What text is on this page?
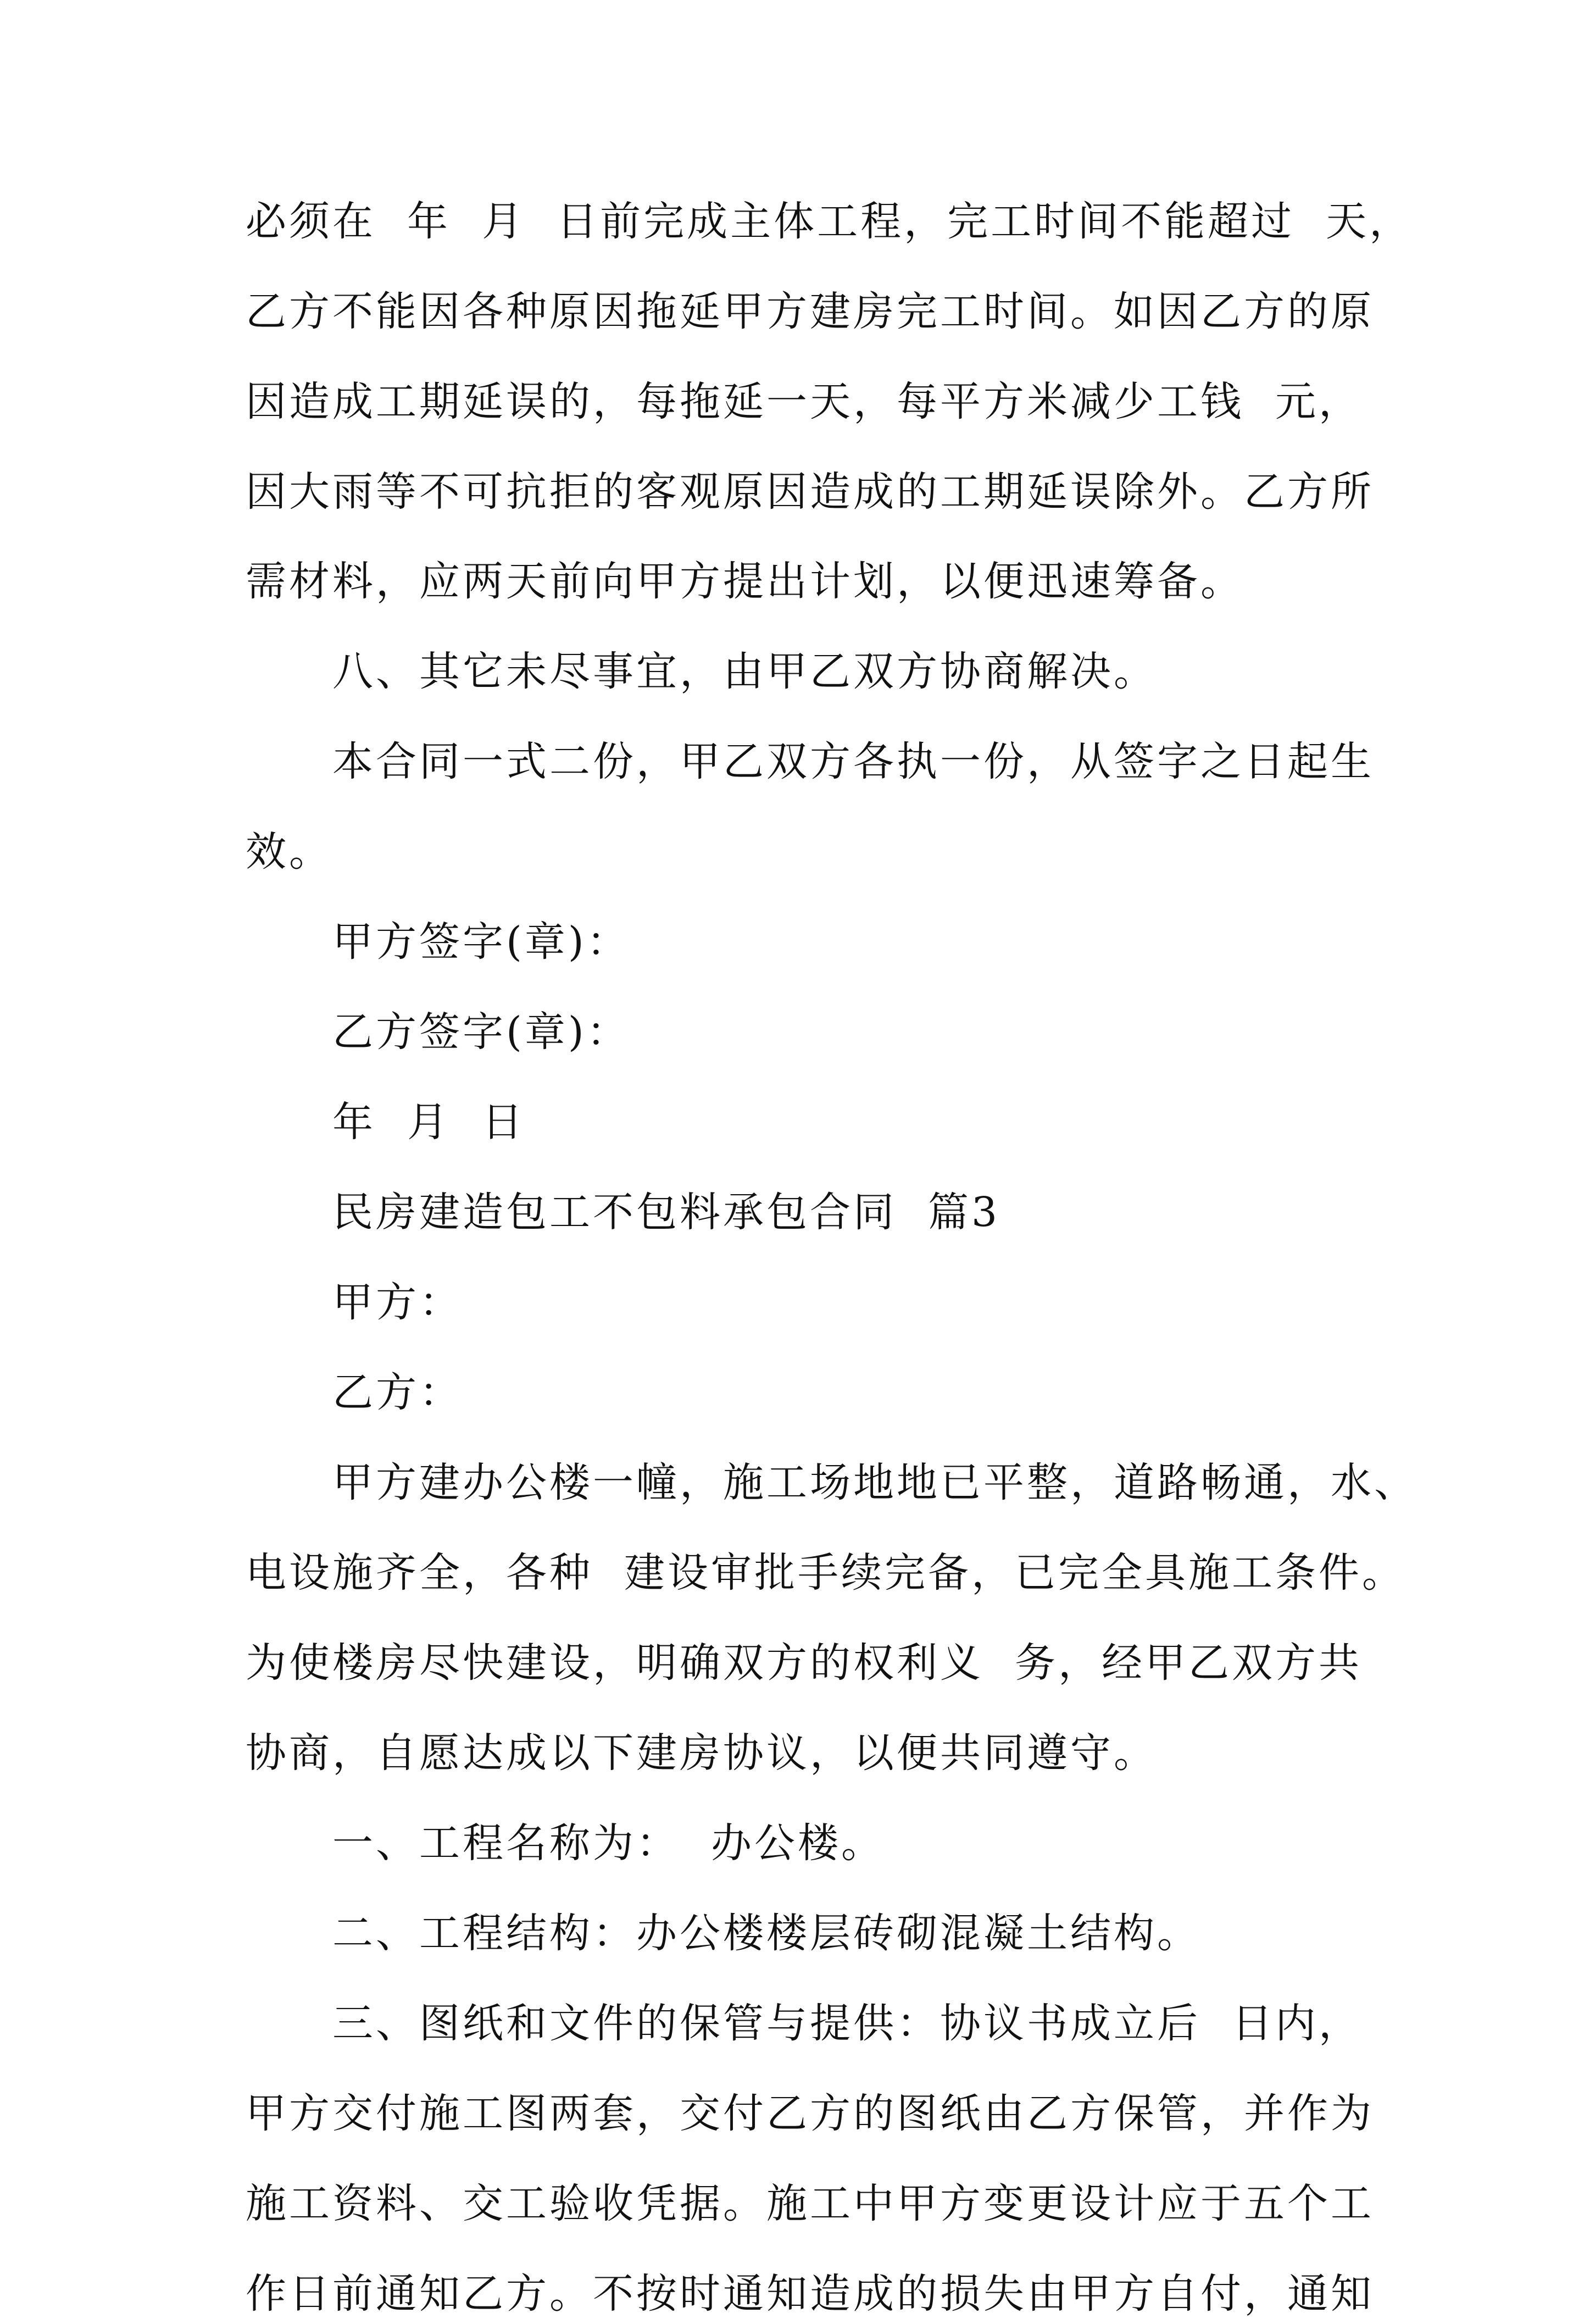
必须在  年  月  日前完成主体工程，完工时间不能超过  天，
乙方不能因各种原因拖延甲方建房完工时间。如因乙方的原
因造成工期延误的，每拖延一天，每平方米减少工钱  元，
因大雨等不可抗拒的客观原因造成的工期延误除外。乙方所
需材料，应两天前向甲方提出计划，以便迅速筹备。
八、其它未尽事宜，由甲乙双方协商解决。
本合同一式二份，甲乙双方各执一份，从签字之日起生
效。
甲方签字(章)：
乙方签字(章)：
年  月  日
民房建造包工不包料承包合同  篇3
甲方：
乙方：
甲方建办公楼一幢，施工场地地已平整，道路畅通，水、
电设施齐全，各种  建设审批手续完备，已完全具施工条件。
为使楼房尽快建设，明确双方的权利义  务，经甲乙双方共
协商，自愿达成以下建房协议，以便共同遵守。
一、工程名称为：  办公楼。
二、工程结构：办公楼楼层砖砌混凝土结构。
三、图纸和文件的保管与提供：协议书成立后  日内，
甲方交付施工图两套，交付乙方的图纸由乙方保管，并作为
施工资料、交工验收凭据。施工中甲方变更设计应于五个工
作日前通知乙方。不按时通知造成的损失由甲方自付，通知
